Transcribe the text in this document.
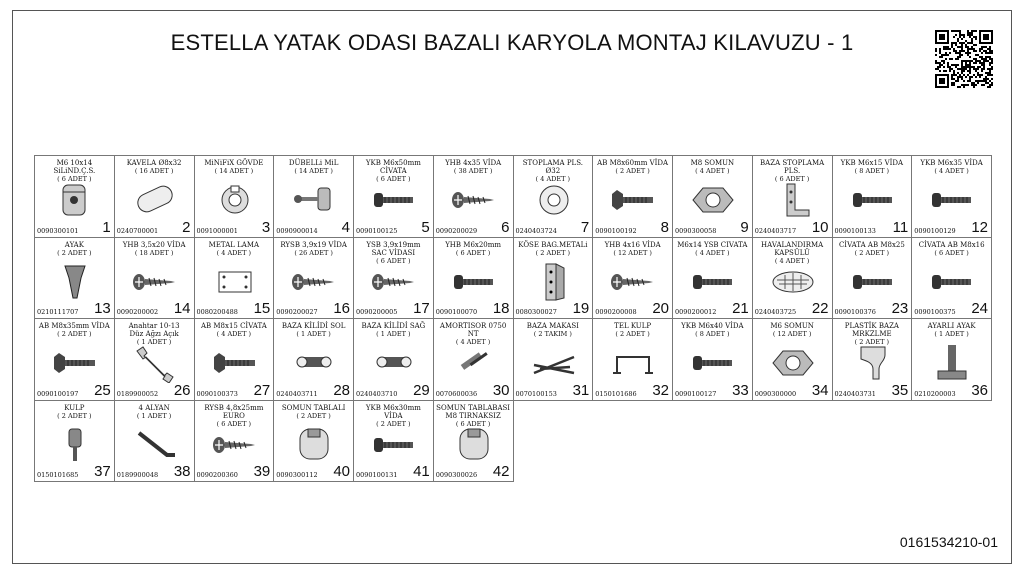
ESTELLA YATAK ODASI BAZALI KARYOLA MONTAJ KILAVUZU - 1
M6 10x14 SiLiND.Ç.S.
( 6 ADET )
0090300101 1
KAVELA Ø8x32
( 16 ADET )
0240700001 2
MiNiFiX GÖVDE
( 14 ADET )
0091000001 3
DÜBELLi MiL
( 14 ADET )
0090900014 4
YKB M6x50mm CİVATA
( 6 ADET )
0090100125 5
YHB 4x35 VİDA
( 38 ADET )
0090200029 6
STOPLAMA PLS. Ø32
( 4 ADET )
0240403724 7
AB M8x60mm VİDA
( 2 ADET )
0090100192 8
M8 SOMUN
( 4 ADET )
0090300058 9
BAZA STOPLAMA PLS.
( 6 ADET )
0240403717 10
YKB M6x15 VİDA
( 8 ADET )
0090100133 11
YKB M6x35 VİDA
( 4 ADET )
0090100129 12
AYAK
( 2 ADET )
0210111707 13
YHB 3,5x20 VİDA
( 18 ADET )
0090200002 14
METAL LAMA
( 4 ADET )
0080200488 15
RYSB 3,9x19 VİDA
( 26 ADET )
0090200027 16
YSB 3,9x19mm
SAC VİDASI
( 6 ADET )
0090200005 17
YHB M6x20mm
( 6 ADET )
0090100070 18
KÖSE BAG.METALi
( 2 ADET )
0080300027 19
YHB 4x16 VİDA
( 12 ADET )
0090200008 20
M6x14 YSB CIVATA
( 4 ADET )
0090200012 21
HAVALANDIRMA
KAPSÜLÜ
( 4 ADET )
0240403725 22
CİVATA AB M8x25
( 2 ADET )
0090100376 23
CİVATA AB M8x16
( 6 ADET )
0090100375 24
AB M8x35mm VİDA
( 2 ADET )
0090100197 25
Anahtar 10-13
Düz Ağzı Açık
( 1 ADET )
0189900052 26
AB M8x15 CİVATA
( 4 ADET )
0090100373 27
BAZA KİLİDİ SOL
( 1 ADET )
0240403711 28
BAZA KİLİDİ SAĞ
( 1 ADET )
0240403710 29
AMORTISOR 0750 NT
( 4 ADET )
0070600036 30
BAZA MAKASI
( 2 TAKIM )
0070100153 31
TEL KULP
( 2 ADET )
0150101686 32
YKB M6x40 VİDA
( 8 ADET )
0090100127 33
M6 SOMUN
( 12 ADET )
0090300000 34
PLASTİK BAZA MRKZLME
( 2 ADET )
0240403731 35
AYARLI AYAK
( 1 ADET )
0210200003 36
KULP
( 2 ADET )
0150101685 37
4 ALYAN
( 1 ADET )
0189900048 38
RYSB 4,8x25mm EURO
( 6 ADET )
0090200360 39
SOMUN TABLALI
( 2 ADET )
0090300112 40
YKB M6x30mm VİDA
( 2 ADET )
0090100131 41
SOMUN TABLABASI
M8 TIRNAKSIZ
( 6 ADET )
0090300026 42
0161534210-01
